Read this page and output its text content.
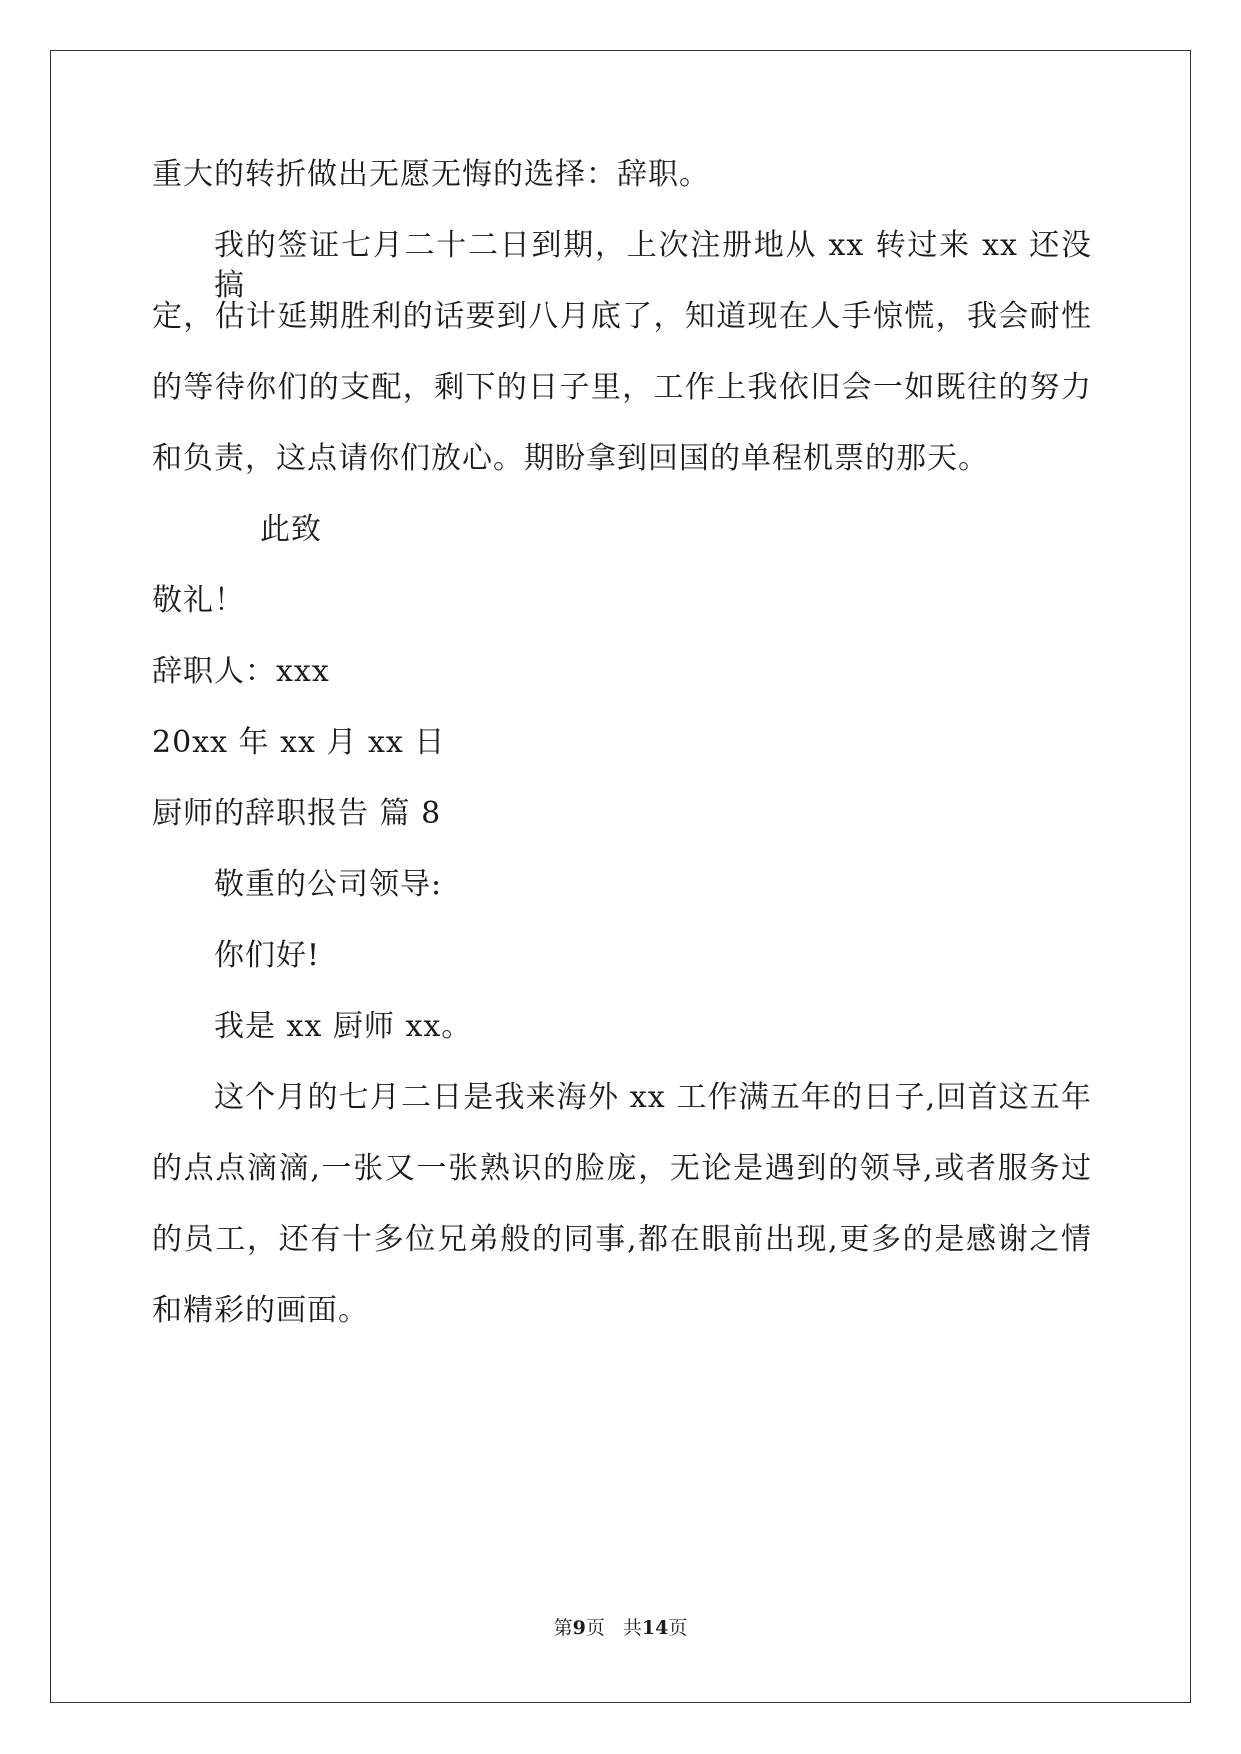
重大的转折做出无愿无悔的选择：辞职。
我的签证七月二十二日到期，上次注册地从 xx 转过来 xx 还没搞
定，估计延期胜利的话要到八月底了，知道现在人手惊慌，我会耐性
的等待你们的支配，剩下的日子里，工作上我依旧会一如既往的努力
和负责，这点请你们放心。期盼拿到回国的单程机票的那天。
此致
敬礼！
辞职人：xxx
20xx 年 xx 月 xx 日
厨师的辞职报告 篇 8
敬重的公司领导:
你们好!
我是 xx 厨师 xx。
这个月的七月二日是我来海外 xx 工作满五年的日子,回首这五年
的点点滴滴,一张又一张熟识的脸庞，无论是遇到的领导,或者服务过
的员工，还有十多位兄弟般的同事,都在眼前出现,更多的是感谢之情
和精彩的画面。
第9页 共14页
